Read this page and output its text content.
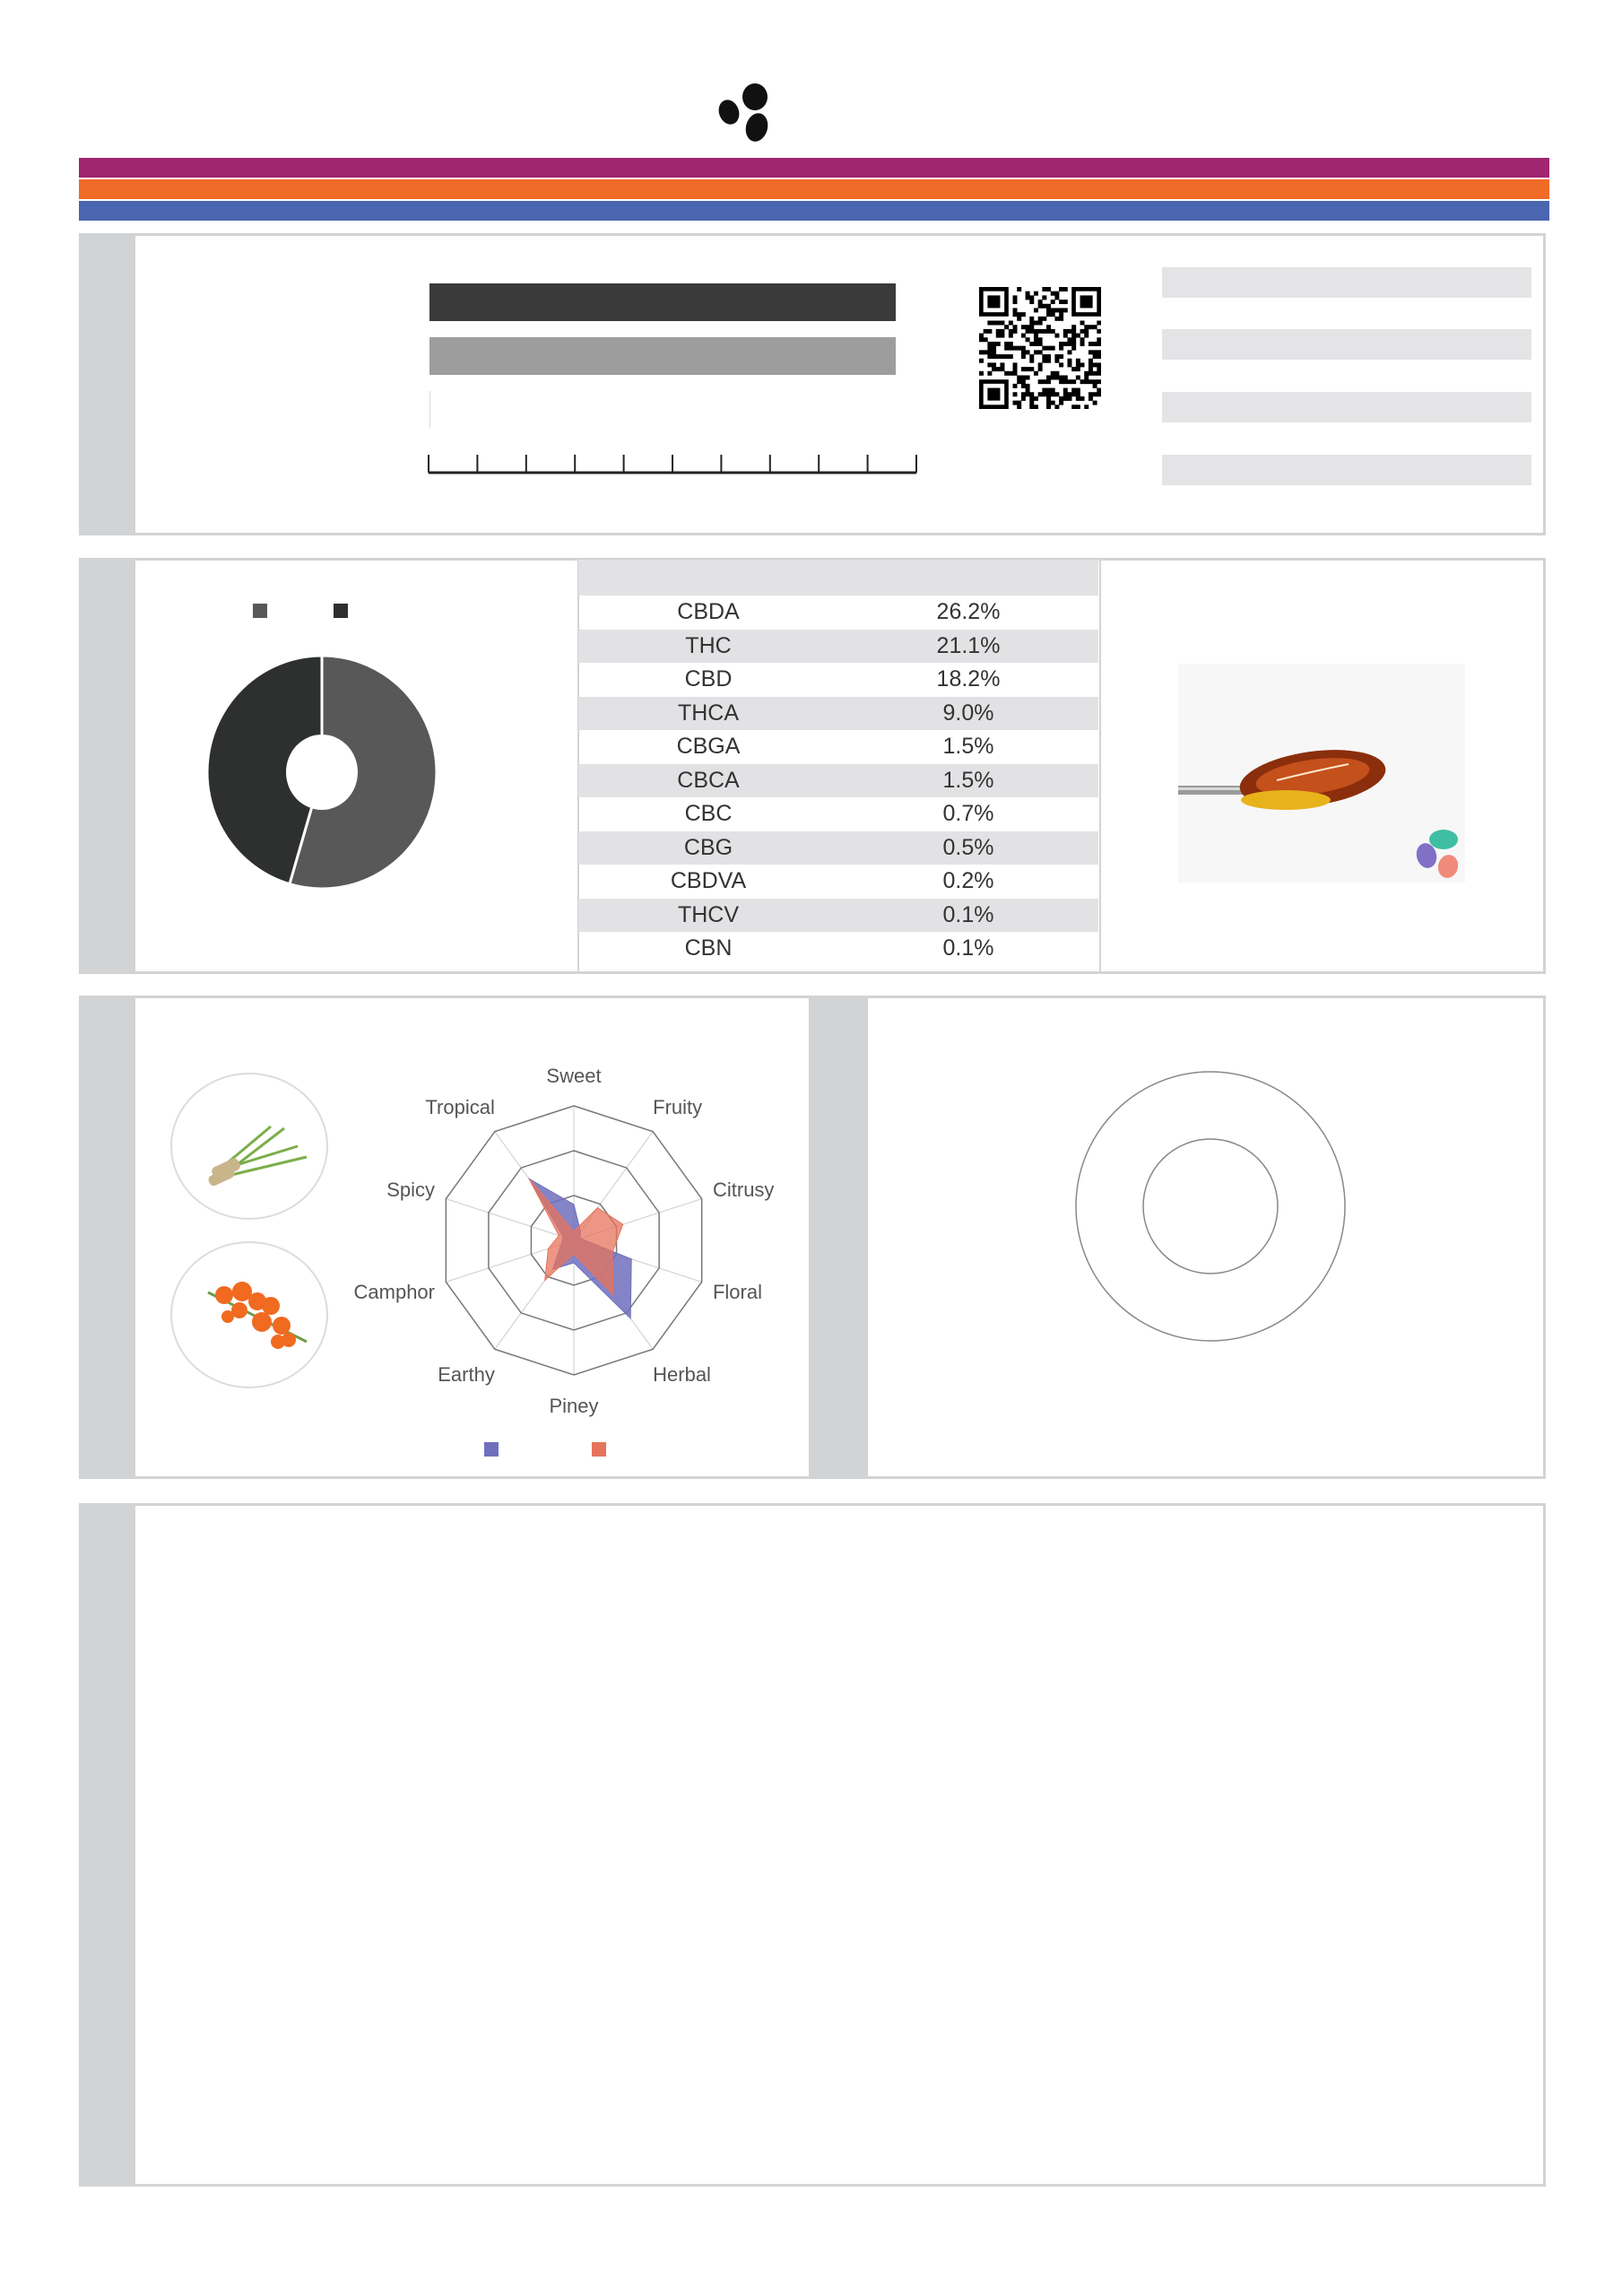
CBDA	26.2%
THC	21.1%
CBD	18.2%
THCA	9.0%
CBGA	1.5%
CBCA	1.5%
CBC	0.7%
CBG	0.5%
CBDVA	0.2%
THCV	0.1%
CBN	0.1%
Sweet
Fruity
Citrusy
Floral
Herbal
Piney
Earthy
Camphor
Spicy
Tropical
